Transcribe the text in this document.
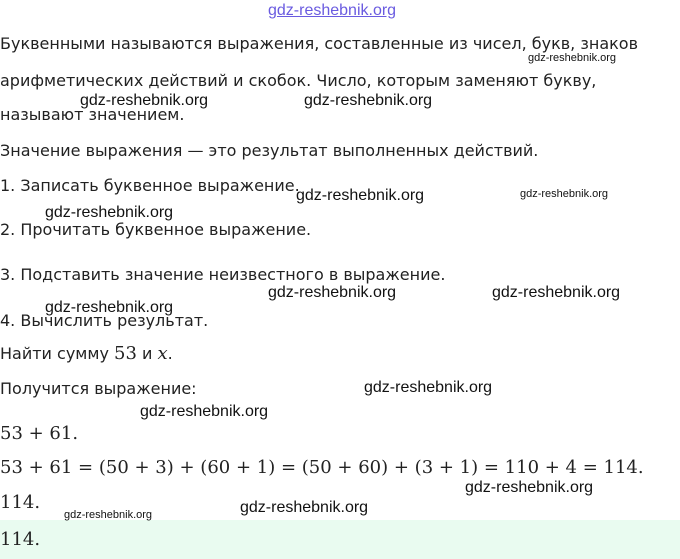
gdz-reshebnik.org
Буквенными называются выражения, составленные из чисел, букв, знаков
арифметических действий и скобок. Число, которым заменяют букву,
называют значением.
Значение выражения — это результат выполненных действий.
1. Записать буквенное выражение.
2. Прочитать буквенное выражение.
3. Подставить значение неизвестного в выражение.
4. Вычислить результат.
Найти сумму 53 и x.
Получится выражение:
53 + 61.
53 + 61 = (50 + 3) + (60 + 1) = (50 + 60) + (3 + 1) = 110 + 4 = 114.
114.
114.
gdz-reshebnik.org
gdz-reshebnik.org	gdz-reshebnik.org
gdz-reshebnik.org	gdz-reshebnik.org
gdz-reshebnik.org
gdz-reshebnik.org	gdz-reshebnik.org
gdz-reshebnik.org
gdz-reshebnik.org
gdz-reshebnik.org
gdz-reshebnik.org
gdz-reshebnik.org
gdz-reshebnik.org
